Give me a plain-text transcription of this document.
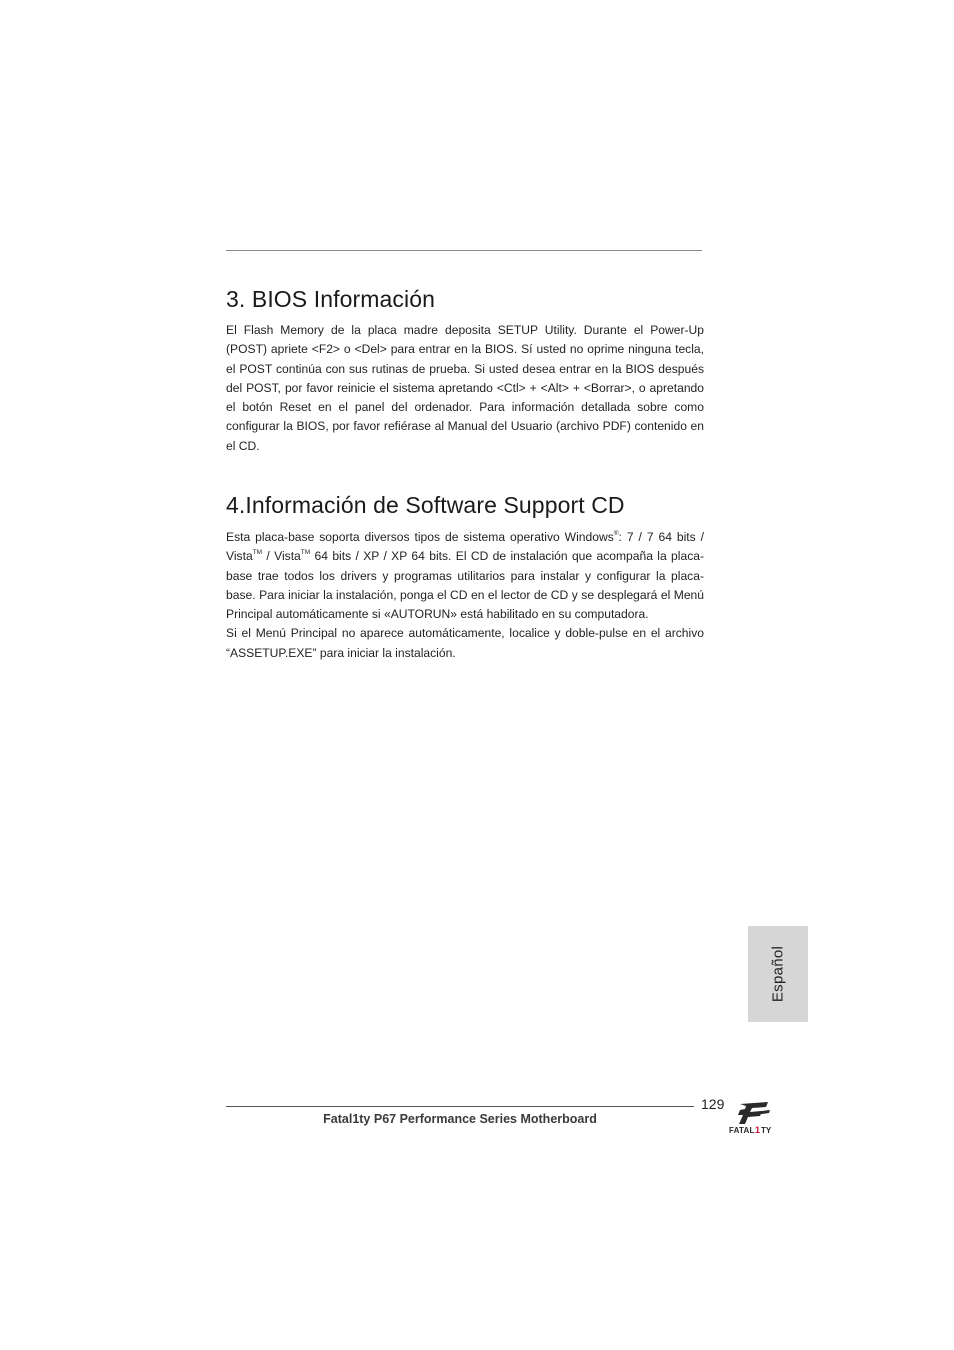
3. BIOS Información

El Flash Memory de la placa madre deposita SETUP Utility. Durante el Power-Up (POST) apriete <F2> o <Del> para entrar en la BIOS. Sí usted no oprime ninguna tecla, el POST continúa con sus rutinas de prueba. Si usted desea entrar en la BIOS después del POST, por favor reinicie el sistema apretando <Ctl> + <Alt> + <Borrar>, o apretando el botón Reset en el panel del ordenador. Para información detallada sobre como configurar la BIOS, por favor refiérase al Manual del Usuario (archivo PDF) contenido en el CD.

4.Información de Software Support CD

Esta placa-base soporta diversos tipos de sistema operativo Windows®: 7 / 7 64 bits / Vista™ / Vista™ 64 bits / XP / XP 64 bits. El CD de instalación que acompaña la placa-base trae todos los drivers y programas utilitarios para instalar y configurar la placa-base. Para iniciar la instalación, ponga el CD en el lector de CD y se desplegará el Menú Principal automáticamente si «AUTORUN» está habilitado en su computadora.

Si el Menú Principal no aparece automáticamente, localice y doble-pulse en el archivo “ASSETUP.EXE” para iniciar la instalación.

Español
129
Fatal1ty P67 Performance Series Motherboard
FATAL 1 TY
